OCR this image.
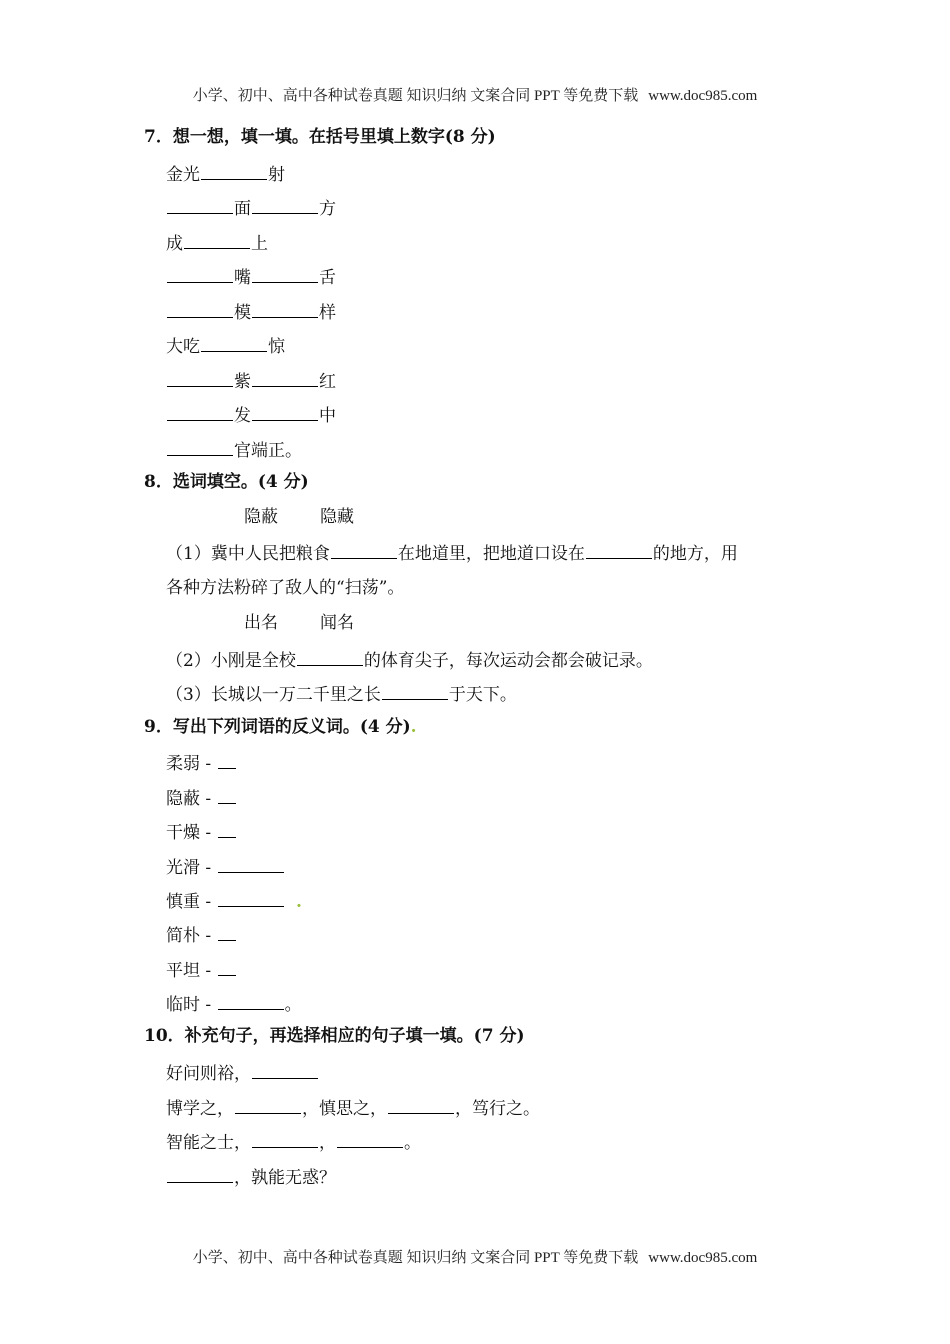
小学、初中、高中各种试卷真题 知识归纳 文案合同 PPT 等免费下载 www.doc985.com
7．想一想，填一填。在括号里填上数字(8 分)
金光	射
面	方
成	上
嘴	舌
模	样
大吃	惊
紫	红
发	中
官端正。
8．选词填空。(4 分)
隐蔽 隐藏
（1）冀中人民把粮食	在地道里，把地道口设在	的地方，用
各种方法粉碎了敌人的“扫荡”。
出名 闻名
（2）小刚是全校	的体育尖子，每次运动会都会破记录。
（3）长城以一万二千里之长	于天下。
9．写出下列词语的反义词。(4 分).
柔弱 -
隐蔽 -
干燥 -
光滑 -
慎重 -	.
简朴 -
平坦 -
临时 -	。
10．补充句子，再选择相应的句子填一填。(7 分)
好问则裕，
博学之，	，慎思之，	，笃行之。
智能之士，	，	。
，孰能无惑？
小学、初中、高中各种试卷真题 知识归纳 文案合同 PPT 等免费下载 www.doc985.com
